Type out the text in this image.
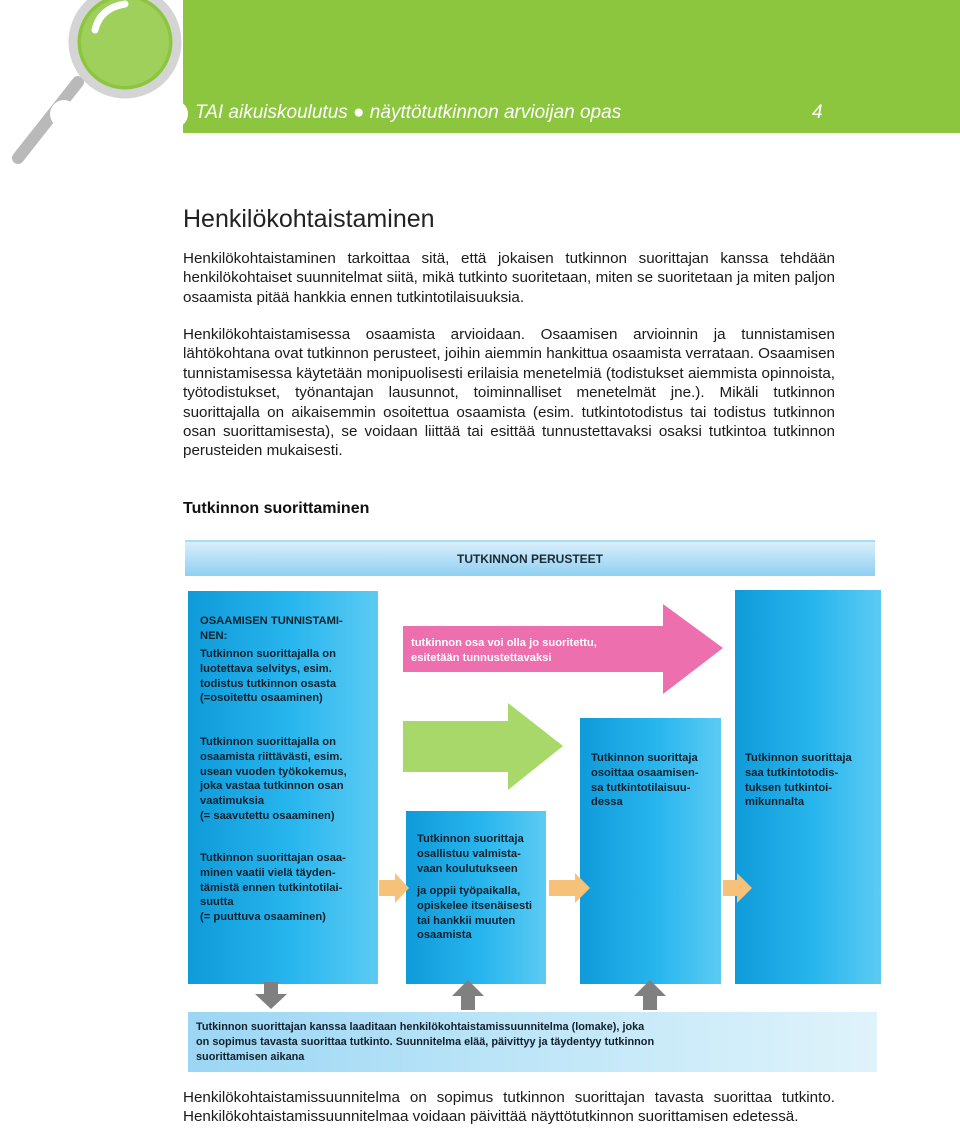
TAI aikuiskoulutus ● näyttötutkinnon arvioijan opas	4
Henkilökohtaistaminen

Henkilökohtaistaminen tarkoittaa sitä, että jokaisen tutkinnon suorittajan kanssa tehdään henkilökohtaiset suunnitelmat siitä, mikä tutkinto suoritetaan, miten se suoritetaan ja miten paljon osaamista pitää hankkia ennen tutkintotilaisuuksia.

Henkilökohtaistamisessa osaamista arvioidaan. Osaamisen arvioinnin ja tunnistamisen lähtökohtana ovat tutkinnon perusteet, joihin aiemmin hankittua osaamista verrataan. Osaamisen tunnistamisessa käytetään monipuolisesti erilaisia menetelmiä (todistukset aiemmista opinnoista, työtodistukset, työnantajan lausunnot, toiminnalliset menetelmät jne.). Mikäli tutkinnon suorittajalla on aikaisemmin osoitettua osaamista (esim. tutkintotodistus tai todistus tutkinnon osan suorittamisesta), se voidaan liittää tai esittää tunnustettavaksi osaksi tutkintoa tutkinnon perusteiden mukaisesti.

Tutkinnon suorittaminen
TUTKINNON PERUSTEET
OSAAMISEN TUNNISTAMI-
NEN:
Tutkinnon suorittajalla on
luotettava selvitys, esim.
todistus tutkinnon osasta
(=osoitettu osaaminen)
Tutkinnon suorittajalla on
osaamista riittävästi, esim.
usean vuoden työkokemus,
joka vastaa tutkinnon osan
vaatimuksia
(= saavutettu osaaminen)
Tutkinnon suorittajan osaa-
minen vaatii vielä täyden-
tämistä ennen tutkintotilai-
suutta
(= puuttuva osaaminen)
tutkinnon osa voi olla jo suoritettu,
esitetään tunnustettavaksi
Tutkinnon suorittaja
osallistuu valmista-
vaan koulutukseen
ja oppii työpaikalla,
opiskelee itsenäisesti
tai hankkii muuten
osaamista
Tutkinnon suorittaja
osoittaa osaamisen-
sa tutkintotilaisuu-
dessa
Tutkinnon suorittaja
saa tutkintotodis-
tuksen tutkintoi-
mikunnalta
Tutkinnon suorittajan kanssa laaditaan henkilökohtaistamissuunnitelma (lomake), joka
on sopimus tavasta suorittaa tutkinto. Suunnitelma elää, päivittyy ja täydentyy tutkinnon
suorittamisen aikana

Henkilökohtaistamissuunnitelma on sopimus tutkinnon suorittajan tavasta suorittaa tutkinto. Henkilökohtaistamissuunnitelmaa voidaan päivittää näyttötutkinnon suorittamisen edetessä.
